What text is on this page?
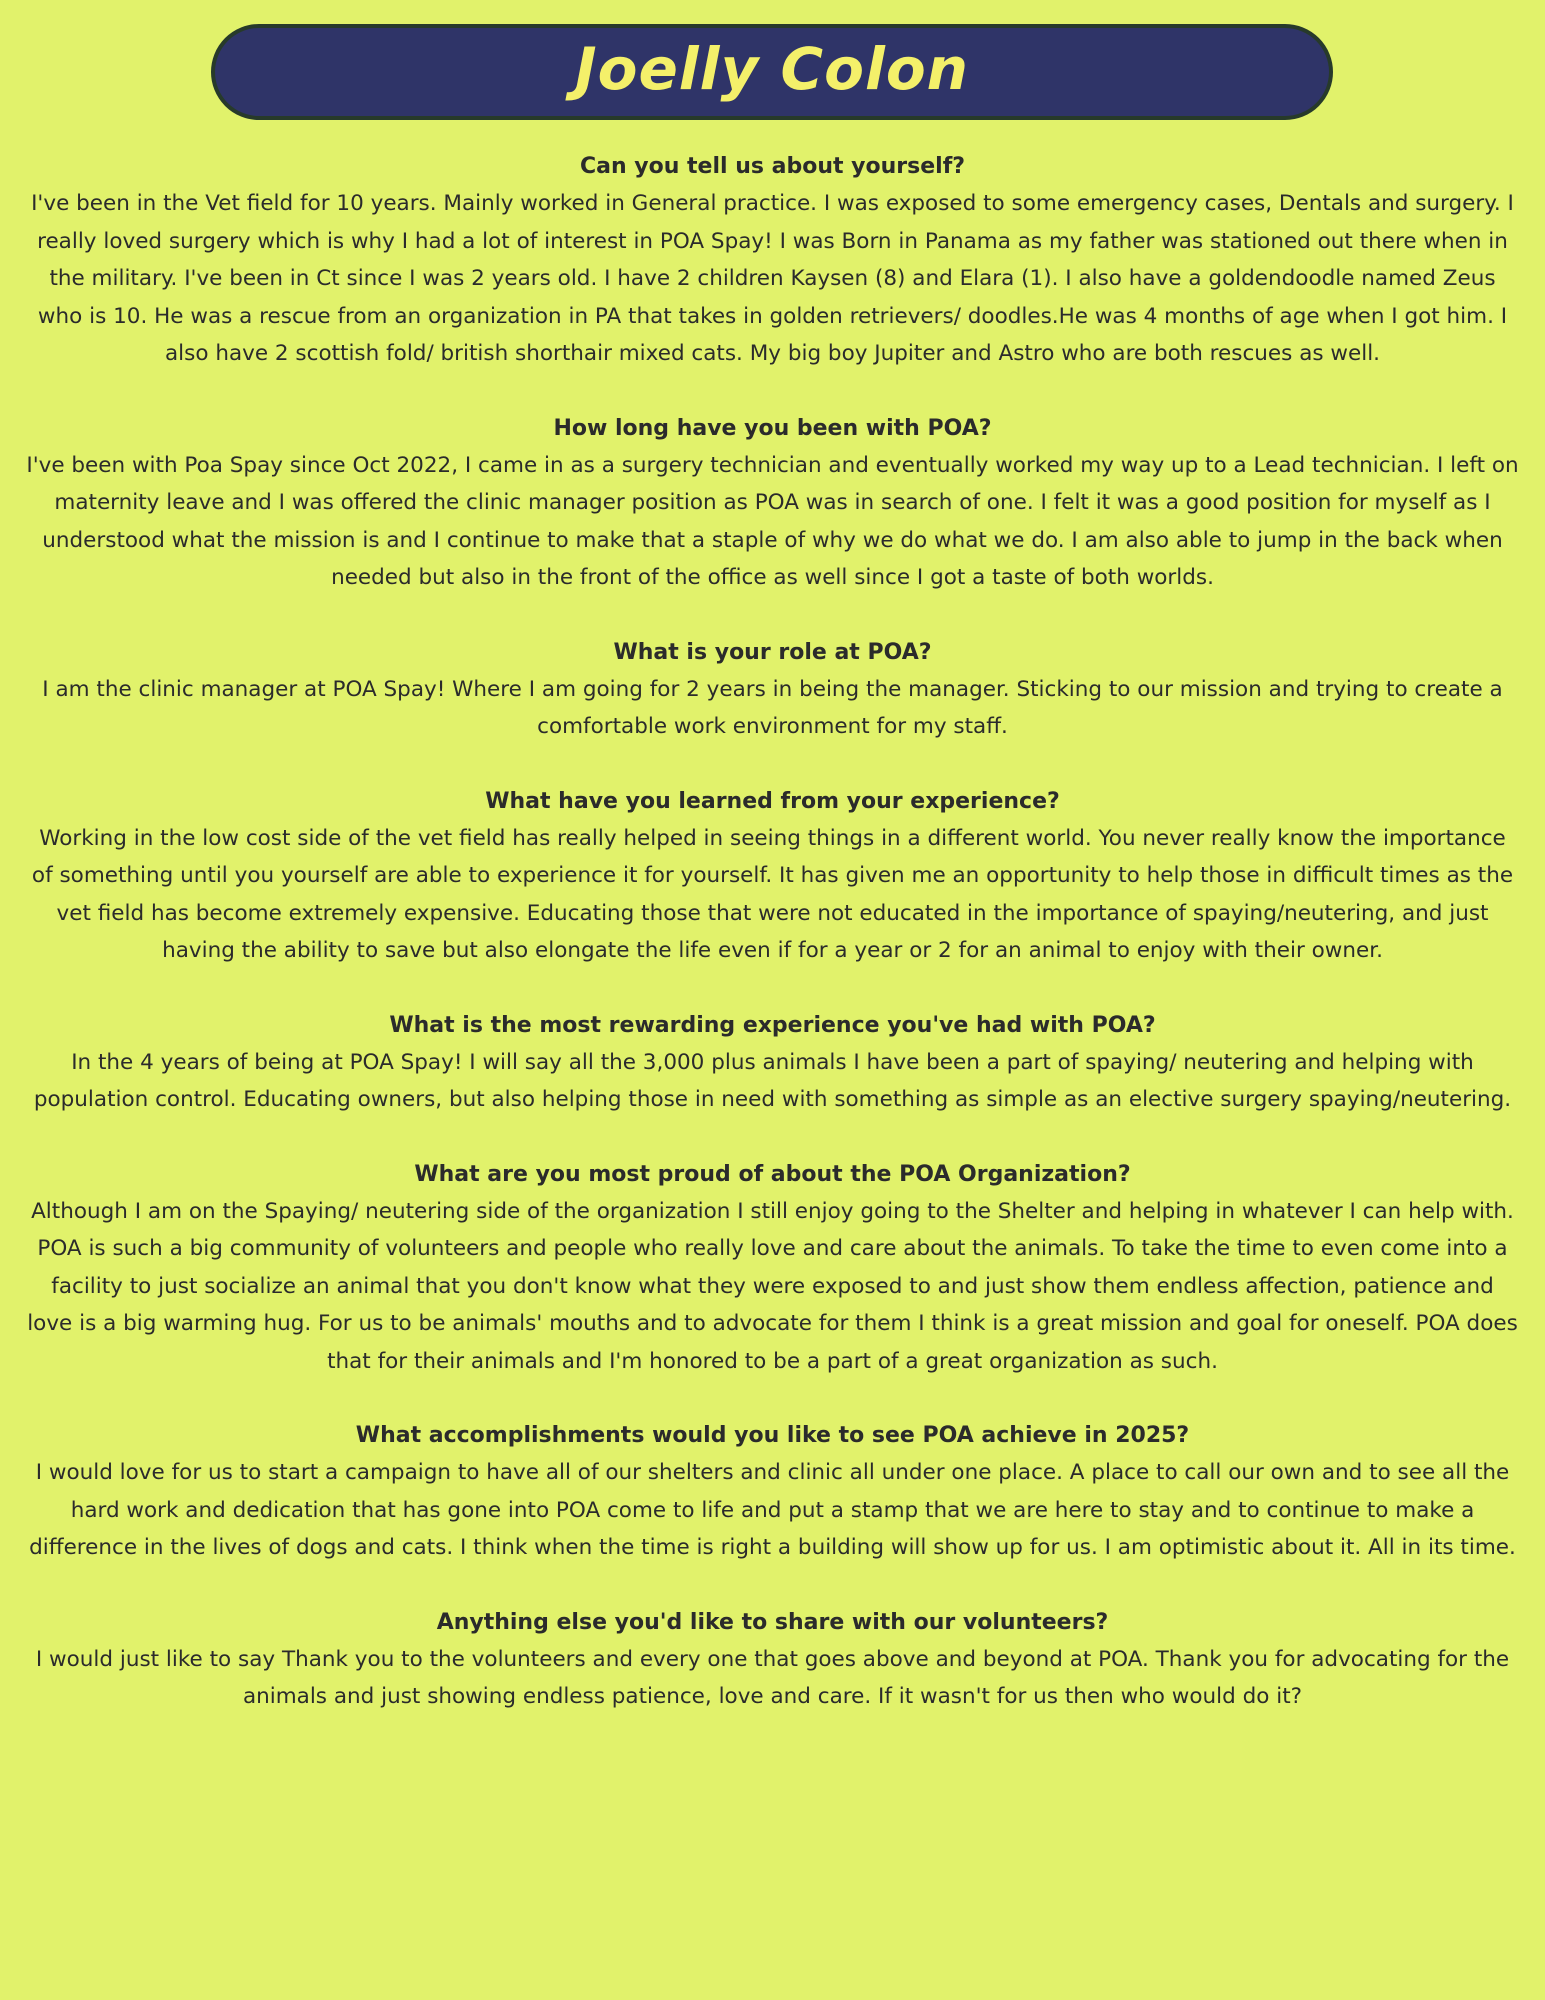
Joelly Colon

Can you tell us about yourself?

I've been in the Vet field for 10 years. Mainly worked in General practice. I was exposed to some emergency cases, Dentals and surgery. I really loved surgery which is why I had a lot of interest in POA Spay! I was Born in Panama as my father was stationed out there when in the military. I've been in Ct since I was 2 years old. I have 2 children Kaysen (8) and Elara (1). I also have a goldendoodle named Zeus who is 10. He was a rescue from an organization in PA that takes in golden retrievers/ doodles.He was 4 months of age when I got him. I also have 2 scottish fold/ british shorthair mixed cats. My big boy Jupiter and Astro who are both rescues as well.

How long have you been with POA?

I've been with Poa Spay since Oct 2022, I came in as a surgery technician and eventually worked my way up to a Lead technician. I left on maternity leave and I was offered the clinic manager position as POA was in search of one. I felt it was a good position for myself as I understood what the mission is and I continue to make that a staple of why we do what we do. I am also able to jump in the back when needed but also in the front of the office as well since I got a taste of both worlds.

What is your role at POA?

I am the clinic manager at POA Spay! Where I am going for 2 years in being the manager. Sticking to our mission and trying to create a comfortable work environment for my staff.

What have you learned from your experience?

Working in the low cost side of the vet field has really helped in seeing things in a different world. You never really know the importance of something until you yourself are able to experience it for yourself. It has given me an opportunity to help those in difficult times as the vet field has become extremely expensive. Educating those that were not educated in the importance of spaying/neutering, and just having the ability to save but also elongate the life even if for a year or 2 for an animal to enjoy with their owner.

What is the most rewarding experience you've had with POA?

In the 4 years of being at POA Spay! I will say all the 3,000 plus animals I have been a part of spaying/ neutering and helping with population control. Educating owners, but also helping those in need with something as simple as an elective surgery spaying/neutering.

What are you most proud of about the POA Organization?

Although I am on the Spaying/ neutering side of the organization I still enjoy going to the Shelter and helping in whatever I can help with. POA is such a big community of volunteers and people who really love and care about the animals. To take the time to even come into a facility to just socialize an animal that you don't know what they were exposed to and just show them endless affection, patience and love is a big warming hug. For us to be animals' mouths and to advocate for them I think is a great mission and goal for oneself. POA does that for their animals and I'm honored to be a part of a great organization as such.

What accomplishments would you like to see POA achieve in 2025?

I would love for us to start a campaign to have all of our shelters and clinic all under one place. A place to call our own and to see all the hard work and dedication that has gone into POA come to life and put a stamp that we are here to stay and to continue to make a difference in the lives of dogs and cats. I think when the time is right a building will show up for us. I am optimistic about it. All in its time.

Anything else you'd like to share with our volunteers?

I would just like to say Thank you to the volunteers and every one that goes above and beyond at POA. Thank you for advocating for the animals and just showing endless patience, love and care. If it wasn't for us then who would do it?
